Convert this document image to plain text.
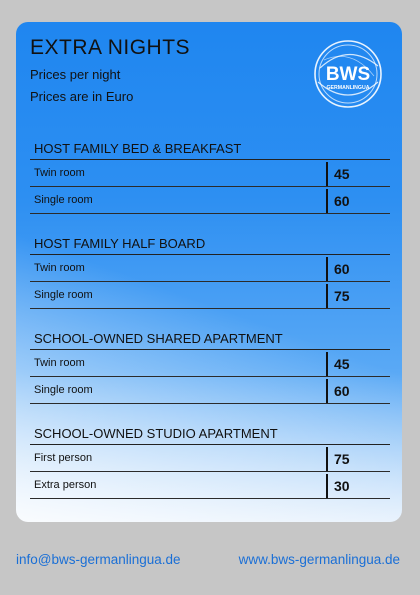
EXTRA NIGHTS
Prices per night
Prices are in Euro
BWS
GERMANLINGUA
HOST FAMILY BED & BREAKFAST
Twin room	45
Single room	60
HOST FAMILY HALF BOARD
Twin room	60
Single room	75
SCHOOL-OWNED SHARED APARTMENT
Twin room	45
Single room	60
SCHOOL-OWNED STUDIO APARTMENT
First person	75
Extra person	30
info@bws-germanlingua.de	www.bws-germanlingua.de
